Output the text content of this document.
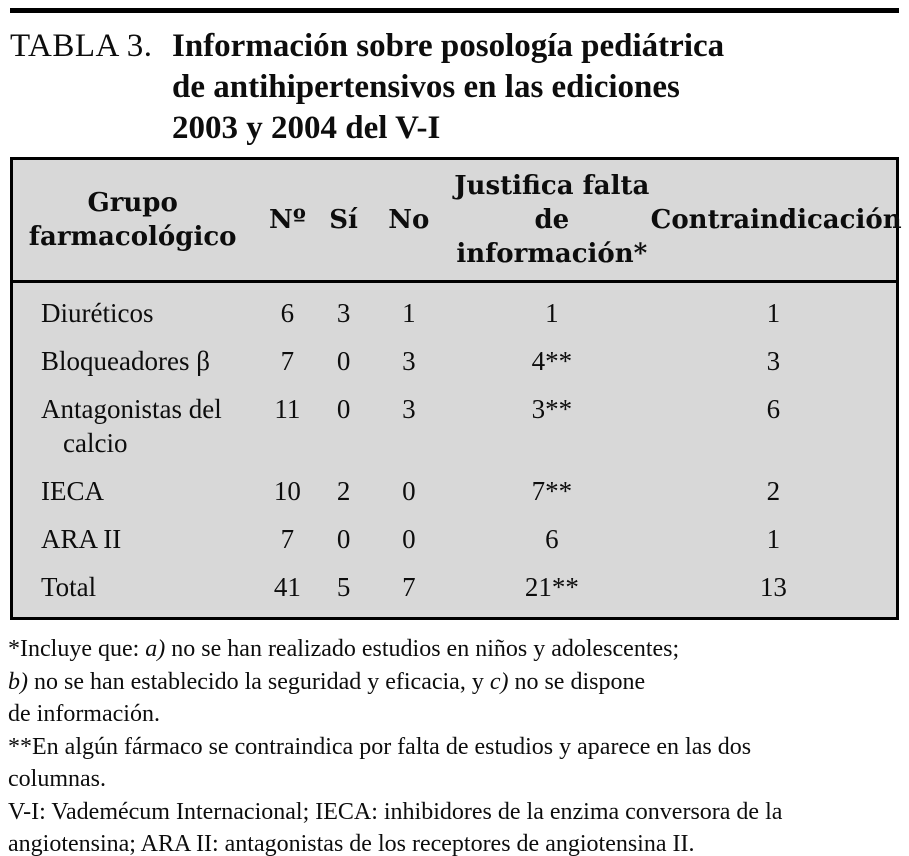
TABLA 3. Información sobre posología pediátrica
de antihipertensivos en las ediciones
2003 y 2004 del V-I
Grupo farmacológico	Nº	Sí	No	Justifica falta de información*	Contraindicación
Diuréticos	6	3	1	1	1
Bloqueadores β	7	0	3	4**	3
Antagonistas del calcio	11	0	3	3**	6
IECA	10	2	0	7**	2
ARA II	7	0	0	6	1
Total	41	5	7	21**	13
*Incluye que: a) no se han realizado estudios en niños y adolescentes;
b) no se han establecido la seguridad y eficacia, y c) no se dispone
de información.
**En algún fármaco se contraindica por falta de estudios y aparece en las dos
columnas.
V-I: Vademécum Internacional; IECA: inhibidores de la enzima conversora de la
angiotensina; ARA II: antagonistas de los receptores de angiotensina II.
